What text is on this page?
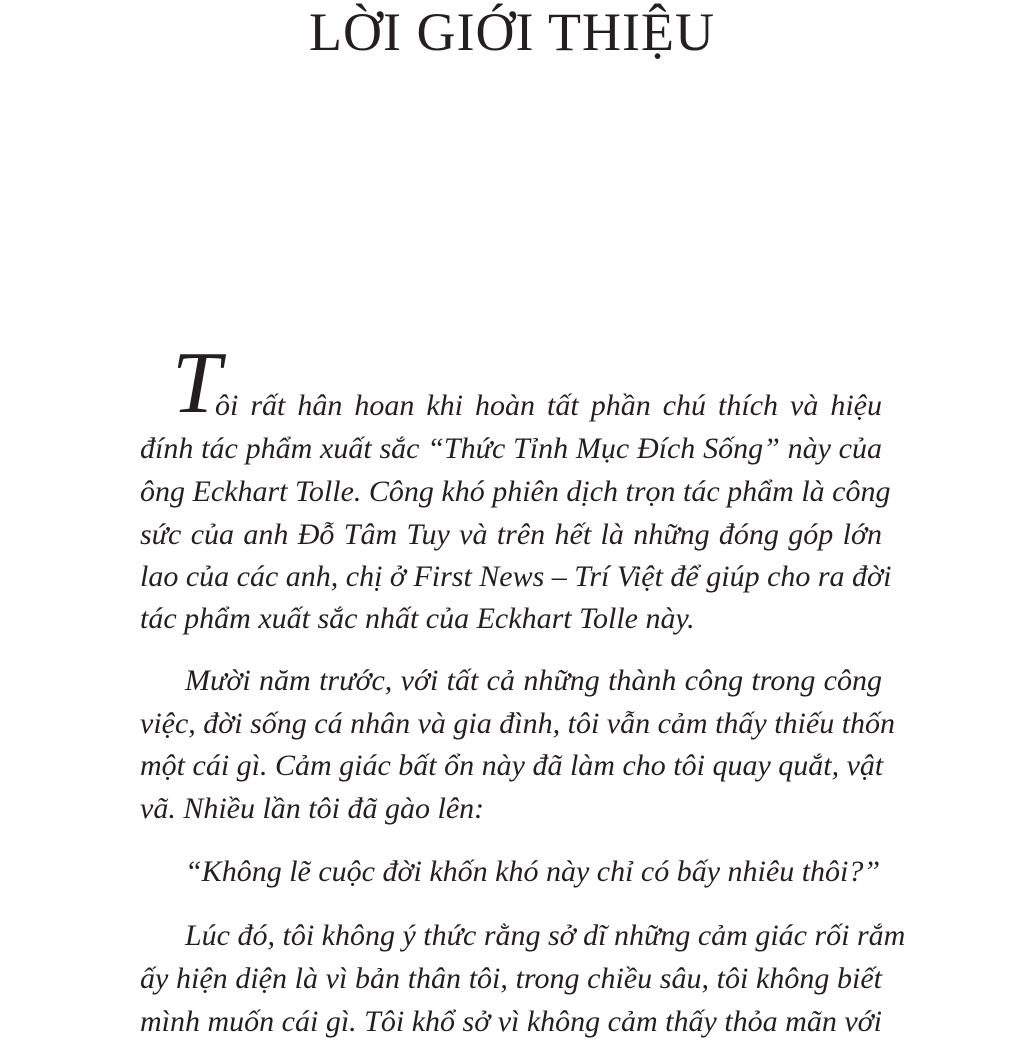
LỜI GIỚI THIỆU
T
ôi rất hân hoan khi hoàn tất phần chú thích và hiệu
đính tác phẩm xuất sắc “Thức Tỉnh Mục Đích Sống” này của
ông Eckhart Tolle. Công khó phiên dịch trọn tác phẩm là công
sức của anh Đỗ Tâm Tuy và trên hết là những đóng góp lớn
lao của các anh, chị ở First News – Trí Việt để giúp cho ra đời
tác phẩm xuất sắc nhất của Eckhart Tolle này.
Mười năm trước, với tất cả những thành công trong công
việc, đời sống cá nhân và gia đình, tôi vẫn cảm thấy thiếu thốn
một cái gì. Cảm giác bất ổn này đã làm cho tôi quay quắt, vật
vã. Nhiều lần tôi đã gào lên:
“Không lẽ cuộc đời khốn khó này chỉ có bấy nhiêu thôi?”
Lúc đó, tôi không ý thức rằng sở dĩ những cảm giác rối rắm
ấy hiện diện là vì bản thân tôi, trong chiều sâu, tôi không biết
mình muốn cái gì. Tôi khổ sở vì không cảm thấy thỏa mãn với
